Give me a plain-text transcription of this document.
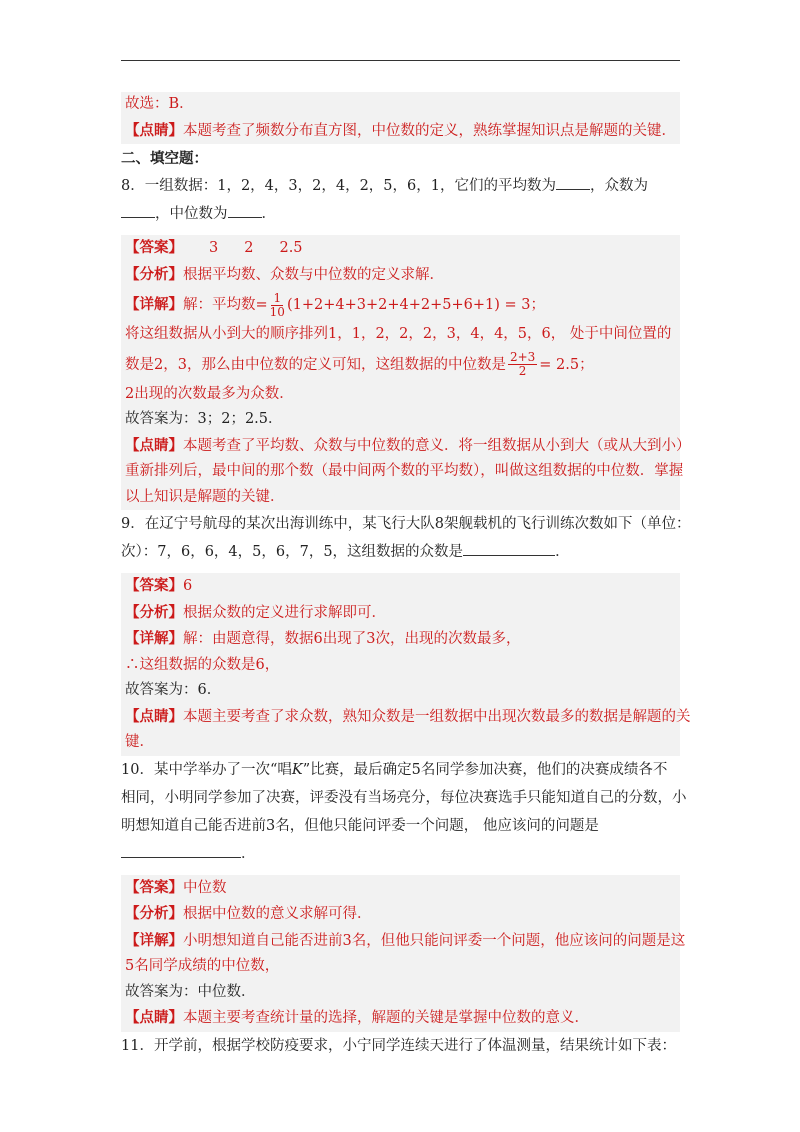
故选：B．
【点睛】本题考查了频数分布直方图，中位数的定义，熟练掌握知识点是解题的关键．
二、填空题：
8．一组数据：1，2，4，3，2，4，2，5，6，1，它们的平均数为 ，众数为
，中位数为 ．
【答案】 3 2 2.5
【分析】根据平均数、众数与中位数的定义求解．
【详解】解：平均数= $\frac{1}{10} (1+2+4+3+2+4+2+5+6+1) = 3$；
将这组数据从小到大的顺序排列1，1，2，2，2，3，4，4，5，6， 处于中间位置的
数是2，3，那么由中位数的定义可知，这组数据的中位数是 $\frac{2+3}{2} = 2.5$；
2出现的次数最多为众数．
故答案为：3；2；2.5．
【点睛】本题考查了平均数、众数与中位数的意义．将一组数据从小到大（或从大到小）
重新排列后，最中间的那个数（最中间两个数的平均数），叫做这组数据的中位数．掌握
以上知识是解题的关键．
9．在辽宁号航母的某次出海训练中，某飞行大队8架舰载机的飞行训练次数如下（单位：
次）：7，6，6，4，5，6，7，5，这组数据的众数是	．
【答案】6
【分析】根据众数的定义进行求解即可．
【详解】解：由题意得，数据6出现了3次，出现的次数最多，
∴这组数据的众数是6，
故答案为：6．
【点睛】本题主要考查了求众数，熟知众数是一组数据中出现次数最多的数据是解题的关
键．
10．某中学举办了一次“唱K”比赛，最后确定5名同学参加决赛，他们的决赛成绩各不
相同，小明同学参加了决赛，评委没有当场亮分，每位决赛选手只能知道自己的分数，小
明想知道自己能否进前3名，但他只能问评委一个问题， 他应该问的问题是
．
【答案】中位数
【分析】根据中位数的意义求解可得．
【详解】小明想知道自己能否进前3名，但他只能问评委一个问题，他应该问的问题是这
5名同学成绩的中位数，
故答案为：中位数．
【点睛】本题主要考查统计量的选择，解题的关键是掌握中位数的意义．
11．开学前，根据学校防疫要求，小宁同学连续天进行了体温测量，结果统计如下表：
